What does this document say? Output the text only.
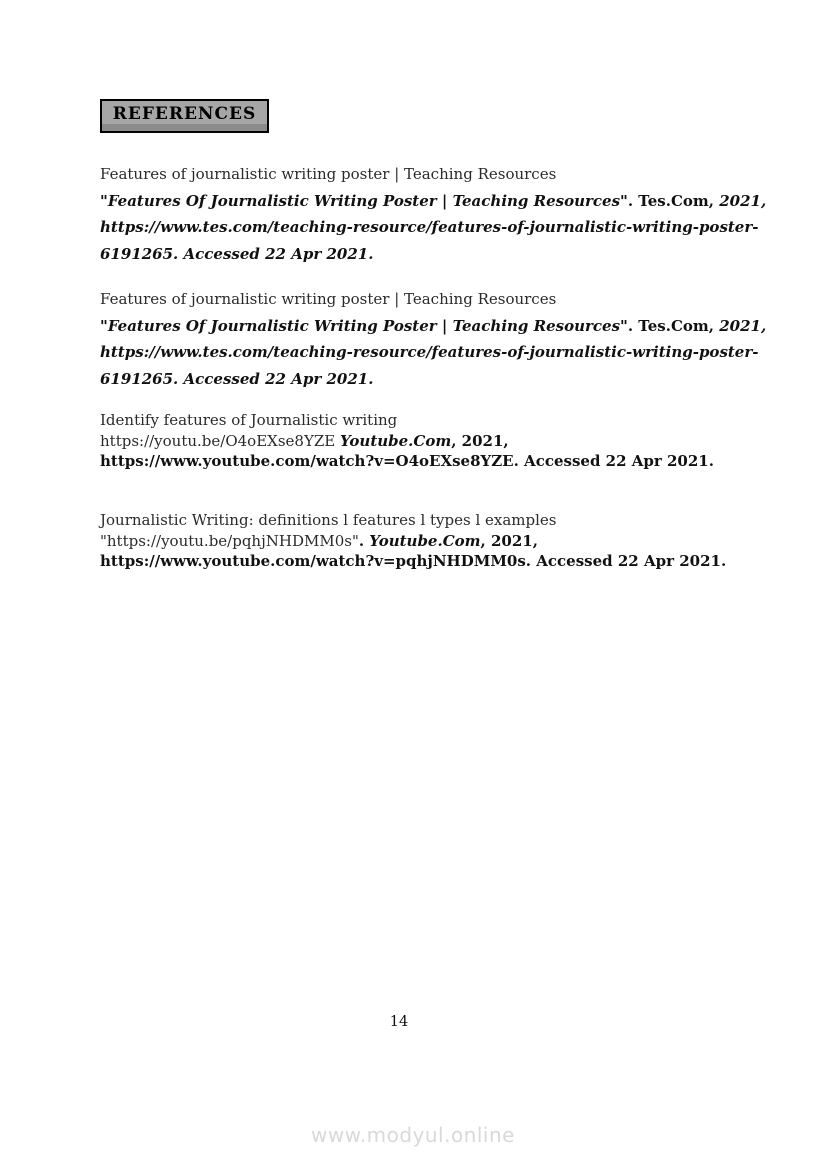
REFERENCES
Features of journalistic writing poster | Teaching Resources
"Features Of Journalistic Writing Poster | Teaching Resources". Tes.Com, 2021,
https://www.tes.com/teaching-resource/features-of-journalistic-writing-poster-
6191265. Accessed 22 Apr 2021.
Features of journalistic writing poster | Teaching Resources
"Features Of Journalistic Writing Poster | Teaching Resources". Tes.Com, 2021,
https://www.tes.com/teaching-resource/features-of-journalistic-writing-poster-
6191265. Accessed 22 Apr 2021.
Identify features of Journalistic writing
https://youtu.be/O4oEXse8YZE Youtube.Com, 2021,
https://www.youtube.com/watch?v=O4oEXse8YZE. Accessed 22 Apr 2021.
Journalistic Writing: definitions l features l types l examples
"https://youtu.be/pqhjNHDMM0s". Youtube.Com, 2021,
https://www.youtube.com/watch?v=pqhjNHDMM0s. Accessed 22 Apr 2021.
14
www.modyul.online
